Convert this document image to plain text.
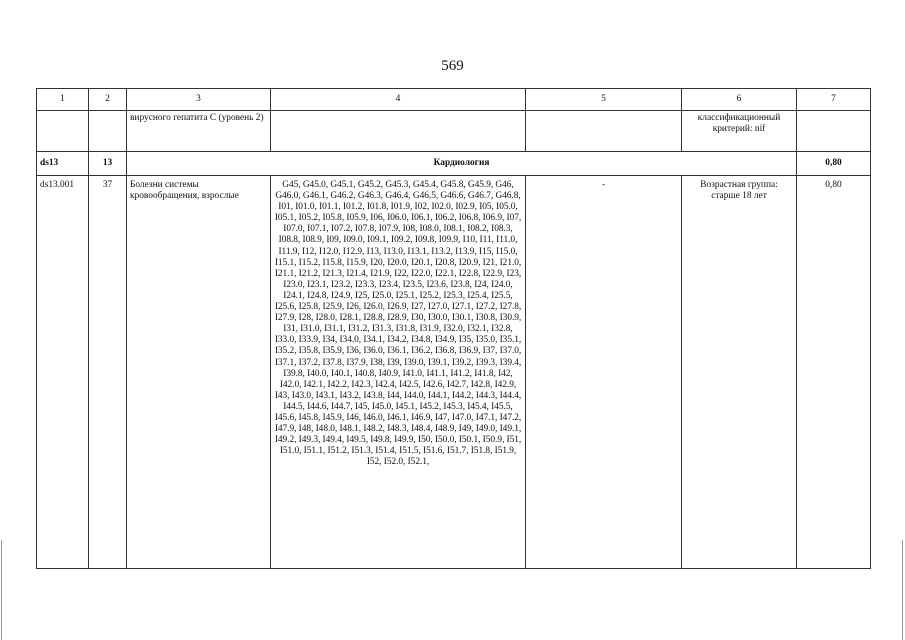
569
1	2	3	4	5	6	7
		вирусного гепатита С (уровень 2)			классификационный критерий: nif	
ds13	13	Кардиология				0,80
ds13.001	37	Болезни системы кровообращения, взрослые	G45, G45.0, G45.1, G45.2, G45.3, G45.4, G45.8, G45.9, G46, G46.0, G46.1, G46.2, G46.3, G46.4, G46.5, G46.6, G46.7, G46.8, I01, I01.0, I01.1, I01.2, I01.8, I01.9, I02, I02.0, I02.9, I05, I05.0, I05.1, I05.2, I05.8, I05.9, I06, I06.0, I06.1, I06.2, I06.8, I06.9, I07, I07.0, I07.1, I07.2, I07.8, I07.9, I08, I08.0, I08.1, I08.2, I08.3, I08.8, I08.9, I09, I09.0, I09.1, I09.2, I09.8, I09.9, I10, I11, I11.0, I11.9, I12, I12.0, I12.9, I13, I13.0, I13.1, I13.2, I13.9, I15, I15.0, I15.1, I15.2, I15.8, I15.9, I20, I20.0, I20.1, I20.8, I20.9, I21, I21.0, I21.1, I21.2, I21.3, I21.4, I21.9, I22, I22.0, I22.1, I22.8, I22.9, I23, I23.0, I23.1, I23.2, I23.3, I23.4, I23.5, I23.6, I23.8, I24, I24.0, I24.1, I24.8, I24.9, I25, I25.0, I25.1, I25.2, I25.3, I25.4, I25.5, I25.6, I25.8, I25.9, I26, I26.0, I26.9, I27, I27.0, I27.1, I27.2, I27.8, I27.9, I28, I28.0, I28.1, I28.8, I28.9, I30, I30.0, I30.1, I30.8, I30.9, I31, I31.0, I31.1, I31.2, I31.3, I31.8, I31.9, I32.0, I32.1, I32.8, I33.0, I33.9, I34, I34.0, I34.1, I34.2, I34.8, I34.9, I35, I35.0, I35.1, I35.2, I35.8, I35.9, I36, I36.0, I36.1, I36.2, I36.8, I36.9, I37, I37.0, I37.1, I37.2, I37.8, I37.9, I38, I39, I39.0, I39.1, I39.2, I39.3, I39.4, I39.8, I40.0, I40.1, I40.8, I40.9, I41.0, I41.1, I41.2, I41.8, I42, I42.0, I42.1, I42.2, I42.3, I42.4, I42.5, I42.6, I42.7, I42.8, I42.9, I43, I43.0, I43.1, I43.2, I43.8, I44, I44.0, I44.1, I44.2, I44.3, I44.4, I44.5, I44.6, I44.7, I45, I45.0, I45.1, I45.2, I45.3, I45.4, I45.5, I45.6, I45.8, I45.9, I46, I46.0, I46.1, I46.9, I47, I47.0, I47.1, I47.2, I47.9, I48, I48.0, I48.1, I48.2, I48.3, I48.4, I48.9, I49, I49.0, I49.1, I49.2, I49.3, I49.4, I49.5, I49.8, I49.9, I50, I50.0, I50.1, I50.9, I51, I51.0, I51.1, I51.2, I51.3, I51.4, I51.5, I51.6, I51.7, I51.8, I51.9, I52, I52.0, I52.1,	-	Возрастная группа: старше 18 лет	0,80
